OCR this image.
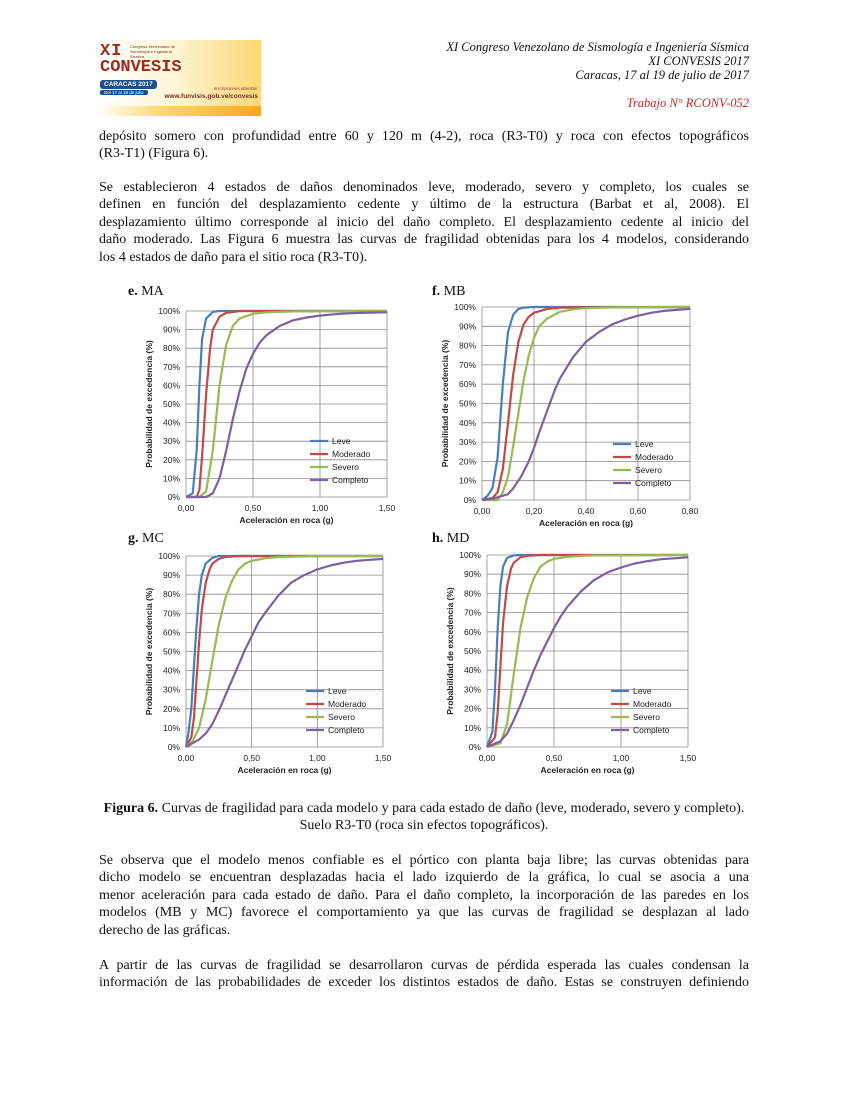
XI
CONVESIS
Congreso Venezolano de Sismología e Ingeniería Sísmica
CARACAS 2017
Del 17 al 19 de julio
inscripciones abiertas
www.funvisis.gob.ve/convesis
XI Congreso Venezolano de Sismología e Ingeniería Sísmica
XI CONVESIS 2017
Caracas, 17 al 19 de julio de 2017
Trabajo N° RCONV-052
depósito somero con profundidad entre 60 y 120 m (4-2), roca (R3-T0) y roca con efectos topográficos
(R3-T1) (Figura 6).
Se establecieron 4 estados de daños denominados leve, moderado, severo y completo, los cuales se
definen en función del desplazamiento cedente y último de la estructura (Barbat et al, 2008). El
desplazamiento último corresponde al inicio del daño completo. El desplazamiento cedente al inicio del
daño moderado. Las Figura 6 muestra las curvas de fragilidad obtenidas para los 4 modelos, considerando
los 4 estados de daño para el sitio roca (R3-T0).
e. MA	f. MB
g. MC	h. MD
0%
10%
20%
30%
40%
50%
60%
70%
80%
90%
100%
0,00	0,50	1,00	1,50
Aceleración en roca (g)
Probabilidad de excedencia (%)	Leve
Moderado
Severo
Completo
0%
10%
20%
30%
40%
50%
60%
70%
80%
90%
100%
0,00	0,20	0,40	0,60	0,80
Aceleración en roca (g)
Probabilidad de excedencia (%)	Leve
Moderado
Severo
Completo
0%
10%
20%
30%
40%
50%
60%
70%
80%
90%
100%
0,00	0,50	1,00	1,50
Aceleración en roca (g)
Probabilidad de excedencia (%)	Leve
Moderado
Severo
Completo
0%
10%
20%
30%
40%
50%
60%
70%
80%
90%
100%
0,00	0,50	1,00	1,50
Aceleración en roca (g)
Probabilidad de excedencia (%)	Leve
Moderado
Severo
Completo
Figura 6. Curvas de fragilidad para cada modelo y para cada estado de daño (leve, moderado, severo y completo). Suelo R3-T0 (roca sin efectos topográficos).
Se observa que el modelo menos confiable es el pórtico con planta baja libre; las curvas obtenidas para
dicho modelo se encuentran desplazadas hacia el lado izquierdo de la gráfica, lo cual se asocia a una
menor aceleración para cada estado de daño. Para el daño completo, la incorporación de las paredes en los
modelos (MB y MC) favorece el comportamiento ya que las curvas de fragilidad se desplazan al lado
derecho de las gráficas.
A partir de las curvas de fragilidad se desarrollaron curvas de pérdida esperada las cuales condensan la
información de las probabilidades de exceder los distintos estados de daño. Estas se construyen definiendo
